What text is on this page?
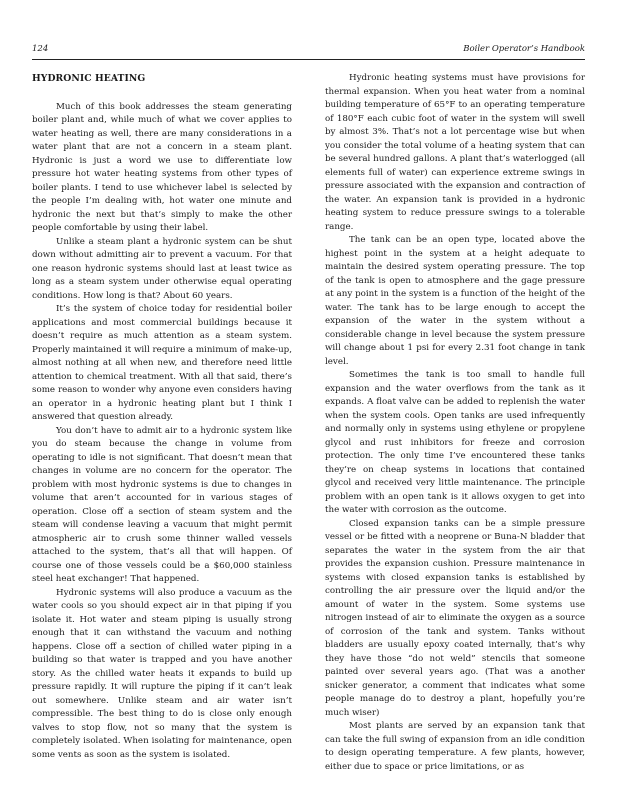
124	Boiler Operator’s Handbook
HYDRONIC HEATING

Much of this book addresses the steam generating boiler plant and, while much of what we cover applies to water heating as well, there are many considerations in a water plant that are not a concern in a steam plant. Hydronic is just a word we use to differentiate low pressure hot water heating systems from other types of boiler plants. I tend to use whichever label is selected by the people I’m dealing with, hot water one minute and hydronic the next but that’s simply to make the other people comfortable by using their label.

Unlike a steam plant a hydronic system can be shut down without admitting air to prevent a vacuum. For that one reason hydronic systems should last at least twice as long as a steam system under otherwise equal operating conditions. How long is that? About 60 years.

It’s the system of choice today for residential boiler applications and most commercial buildings because it doesn’t require as much attention as a steam system. Properly maintained it will require a minimum of make-up, almost nothing at all when new, and therefore need little attention to chemical treatment. With all that said, there’s some reason to wonder why anyone even considers having an operator in a hydronic heating plant but I think I answered that question already.

You don’t have to admit air to a hydronic system like you do steam because the change in volume from operating to idle is not significant. That doesn’t mean that changes in volume are no concern for the operator. The problem with most hydronic systems is due to changes in volume that aren’t accounted for in various stages of operation. Close off a section of steam system and the steam will condense leaving a vacuum that might permit atmospheric air to crush some thinner walled vessels attached to the system, that’s all that will happen. Of course one of those vessels could be a $60,000 stainless steel heat exchanger! That happened.

Hydronic systems will also produce a vacuum as the water cools so you should expect air in that piping if you isolate it. Hot water and steam piping is usually strong enough that it can withstand the vacuum and nothing happens. Close off a section of chilled water piping in a building so that water is trapped and you have another story. As the chilled water heats it expands to build up pressure rapidly. It will rupture the piping if it can’t leak out somewhere. Unlike steam and air water isn’t compressible. The best thing to do is close only enough valves to stop flow, not so many that the system is completely isolated. When isolating for maintenance, open some vents as soon as the system is isolated.

Hydronic heating systems must have provisions for thermal expansion. When you heat water from a nominal building temperature of 65°F to an operating temperature of 180°F each cubic foot of water in the system will swell by almost 3%. That’s not a lot percentage wise but when you consider the total volume of a heating system that can be several hundred gallons. A plant that’s waterlogged (all elements full of water) can experience extreme swings in pressure associated with the expansion and contraction of the water. An expansion tank is provided in a hydronic heating system to reduce pressure swings to a tolerable range.

The tank can be an open type, located above the highest point in the system at a height adequate to maintain the desired system operating pressure. The top of the tank is open to atmosphere and the gage pressure at any point in the system is a function of the height of the water. The tank has to be large enough to accept the expansion of the water in the system without a considerable change in level because the system pressure will change about 1 psi for every 2.31 foot change in tank level.

Sometimes the tank is too small to handle full expansion and the water overflows from the tank as it expands. A float valve can be added to replenish the water when the system cools. Open tanks are used infrequently and normally only in systems using ethylene or propylene glycol and rust inhibitors for freeze and corrosion protection. The only time I’ve encountered these tanks they’re on cheap systems in locations that contained glycol and received very little maintenance. The principle problem with an open tank is it allows oxygen to get into the water with corrosion as the outcome.

Closed expansion tanks can be a simple pressure vessel or be fitted with a neoprene or Buna-N bladder that separates the water in the system from the air that provides the expansion cushion. Pressure maintenance in systems with closed expansion tanks is established by controlling the air pressure over the liquid and/or the amount of water in the system. Some systems use nitrogen instead of air to eliminate the oxygen as a source of corrosion of the tank and system. Tanks without bladders are usually epoxy coated internally, that’s why they have those “do not weld” stencils that someone painted over several years ago. (That was a another snicker generator, a comment that indicates what some people manage do to destroy a plant, hopefully you’re much wiser)

Most plants are served by an expansion tank that can take the full swing of expansion from an idle condition to design operating temperature. A few plants, however, either due to space or price limitations, or as
